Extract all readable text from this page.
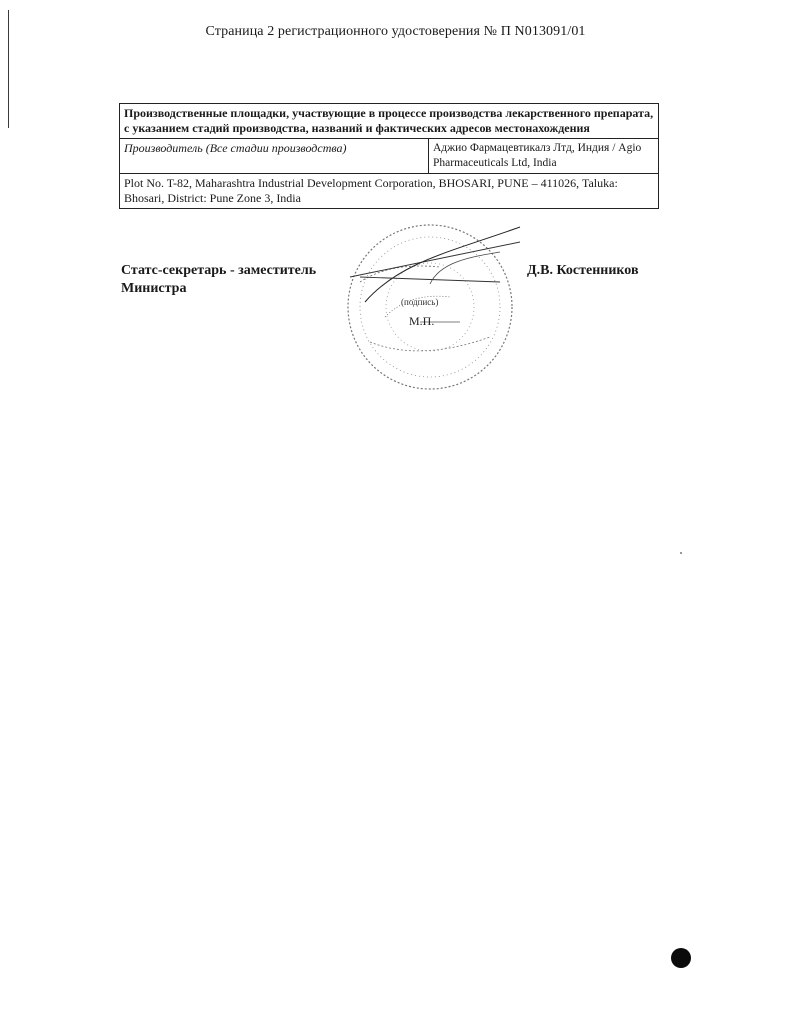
Страница 2 регистрационного удостоверения № П N013091/01
Производственные площадки, участвующие в процессе производства лекарственного препарата, с указанием стадий производства, названий и фактических адресов местонахождения
Производитель (Все стадии производства)	Аджио Фармацевтикалз Лтд, Индия / Agio Pharmaceuticals Ltd, India
Plot No. T-82, Maharashtra Industrial Development Corporation, BHOSARI, PUNE – 411026, Taluka: Bhosari, District: Pune Zone 3, India
Статс-секретарь - заместитель Министра
(подпись)
М.П.
Д.В. Костенников
